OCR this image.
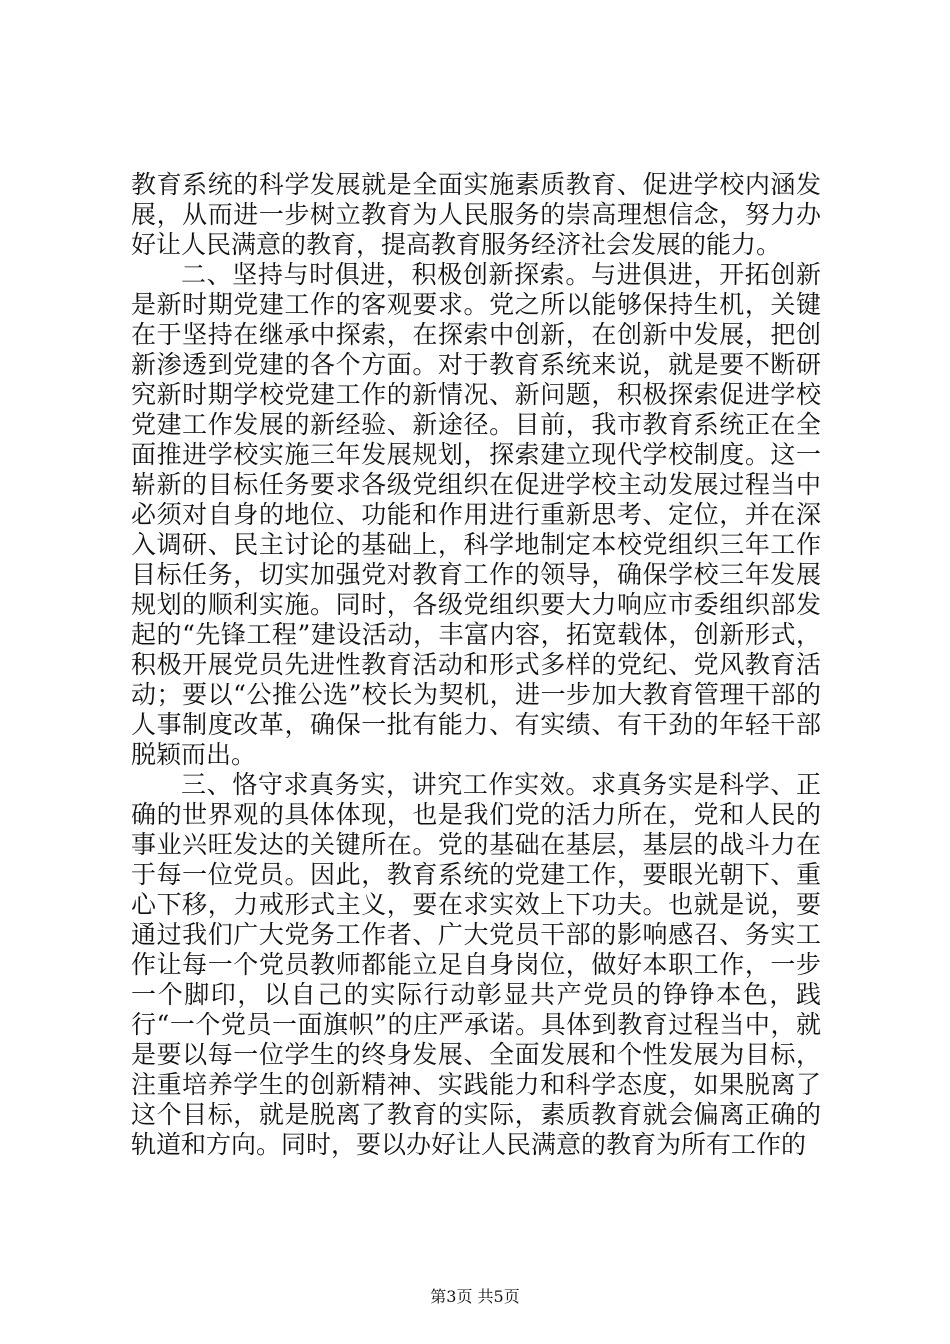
教育系统的科学发展就是全面实施素质教育、促进学校内涵发展，从而进一步树立教育为人民服务的崇高理想信念，努力办好让人民满意的教育，提高教育服务经济社会发展的能力。

二、坚持与时俱进，积极创新探索。与进俱进，开拓创新是新时期党建工作的客观要求。党之所以能够保持生机，关键在于坚持在继承中探索，在探索中创新，在创新中发展，把创新渗透到党建的各个方面。对于教育系统来说，就是要不断研究新时期学校党建工作的新情况、新问题，积极探索促进学校党建工作发展的新经验、新途径。目前，我市教育系统正在全面推进学校实施三年发展规划，探索建立现代学校制度。这一崭新的目标任务要求各级党组织在促进学校主动发展过程当中必须对自身的地位、功能和作用进行重新思考、定位，并在深入调研、民主讨论的基础上，科学地制定本校党组织三年工作目标任务，切实加强党对教育工作的领导，确保学校三年发展规划的顺利实施。同时，各级党组织要大力响应市委组织部发起的“先锋工程”建设活动，丰富内容，拓宽载体，创新形式，积极开展党员先进性教育活动和形式多样的党纪、党风教育活动；要以“公推公选”校长为契机，进一步加大教育管理干部的人事制度改革，确保一批有能力、有实绩、有干劲的年轻干部脱颖而出。

三、恪守求真务实，讲究工作实效。求真务实是科学、正确的世界观的具体体现，也是我们党的活力所在，党和人民的事业兴旺发达的关键所在。党的基础在基层，基层的战斗力在于每一位党员。因此，教育系统的党建工作，要眼光朝下、重心下移，力戒形式主义，要在求实效上下功夫。也就是说，要通过我们广大党务工作者、广大党员干部的影响感召、务实工作让每一个党员教师都能立足自身岗位，做好本职工作，一步一个脚印，以自己的实际行动彰显共产党员的铮铮本色，践行“一个党员一面旗帜”的庄严承诺。具体到教育过程当中，就是要以每一位学生的终身发展、全面发展和个性发展为目标，注重培养学生的创新精神、实践能力和科学态度，如果脱离了这个目标，就是脱离了教育的实际，素质教育就会偏离正确的轨道和方向。同时，要以办好让人民满意的教育为所有工作的

第3页 共5页
